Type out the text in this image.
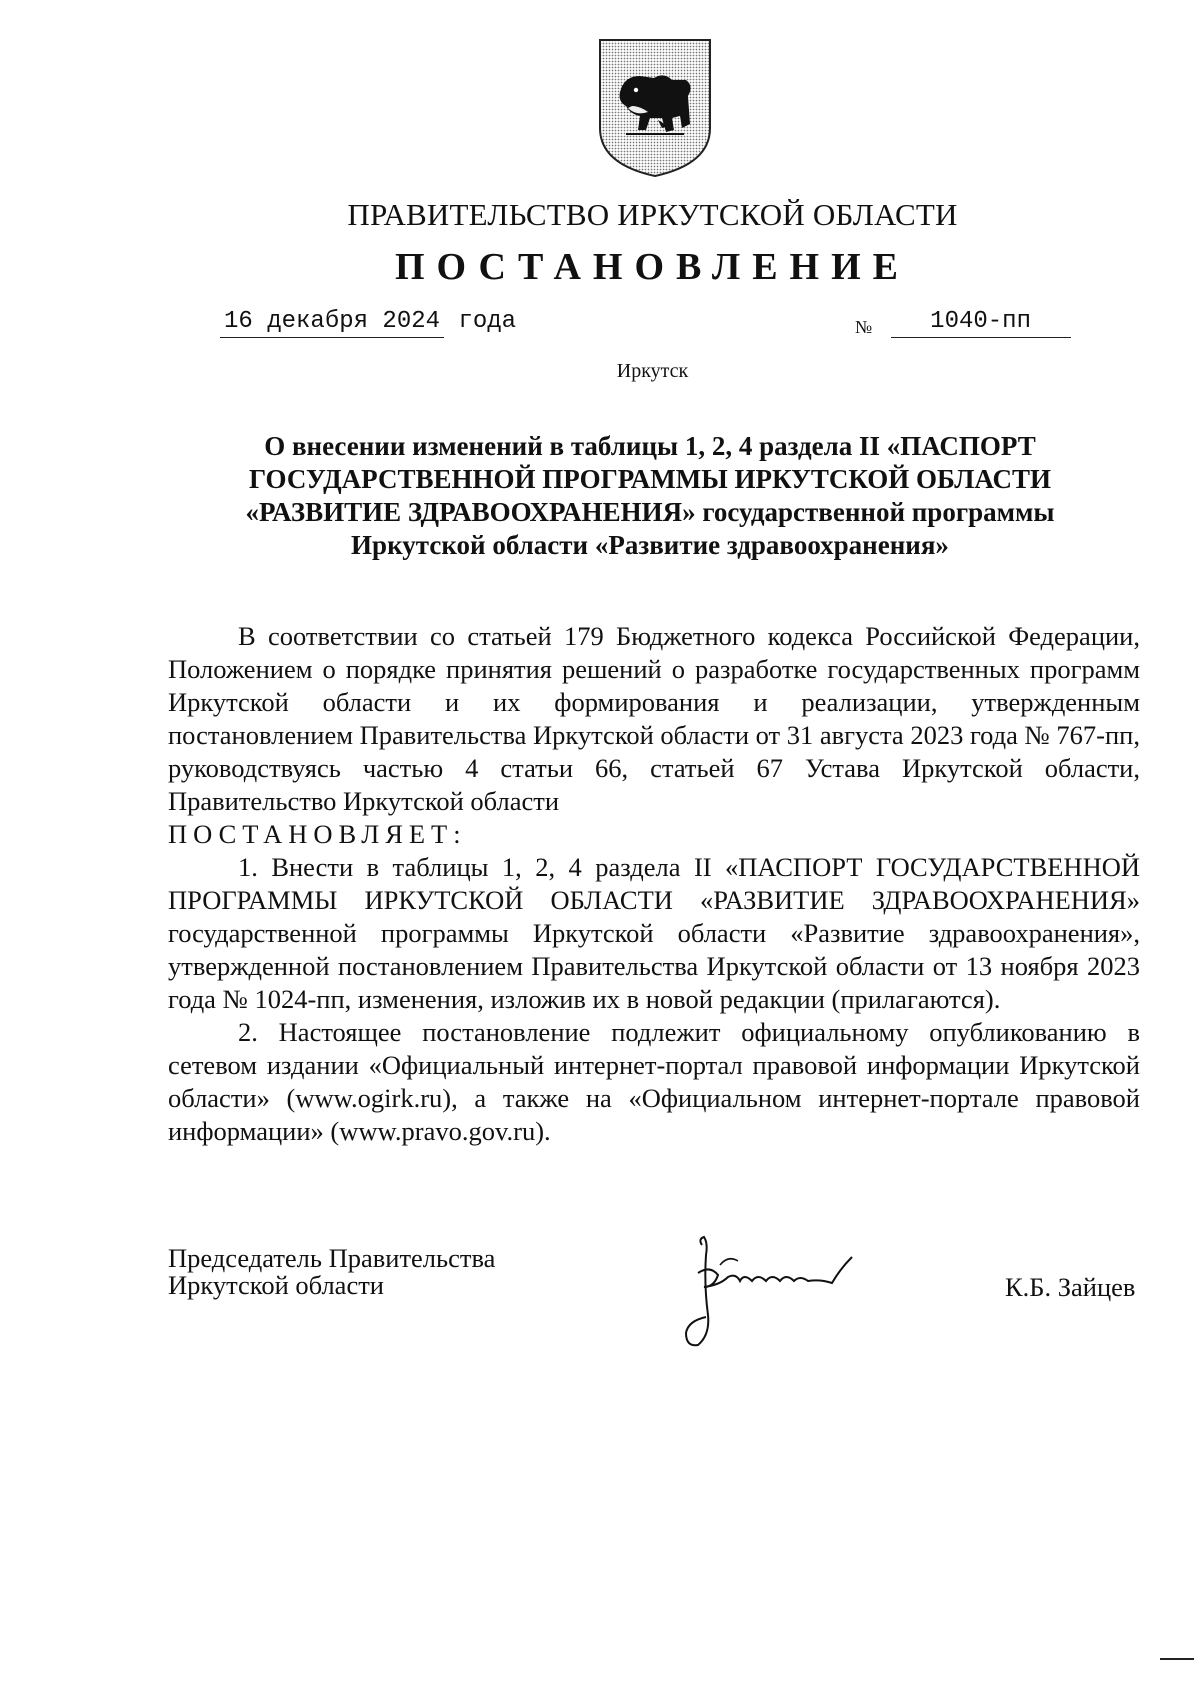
ПРАВИТЕЛЬСТВО ИРКУТСКОЙ ОБЛАСТИ
ПОСТАНОВЛЕНИЕ
16 декабря 2024 года	$_№$ 1040-пп
Иркутск
О внесении изменений в таблицы 1, 2, 4 раздела II «ПАСПОРТ
ГОСУДАРСТВЕННОЙ ПРОГРАММЫ ИРКУТСКОЙ ОБЛАСТИ
«РАЗВИТИЕ ЗДРАВООХРАНЕНИЯ» государственной программы
Иркутской области «Развитие здравоохранения»

В соответствии со статьей 179 Бюджетного кодекса Российской Федерации, Положением о порядке принятия решений о разработке государственных программ Иркутской области и их формирования и реализации, утвержденным постановлением Правительства Иркутской области от 31 августа 2023 года № 767-пп, руководствуясь частью 4 статьи 66, статьей 67 Устава Иркутской области, Правительство Иркутской области

ПОСТАНОВЛЯЕТ:

1. Внести в таблицы 1, 2, 4 раздела II «ПАСПОРТ ГОСУДАРСТВЕННОЙ ПРОГРАММЫ ИРКУТСКОЙ ОБЛАСТИ «РАЗВИТИЕ ЗДРАВООХРАНЕНИЯ» государственной программы Иркутской области «Развитие здравоохранения», утвержденной постановлением Правительства Иркутской области от 13 ноября 2023 года № 1024-пп, изменения, изложив их в новой редакции (прилагаются).

2. Настоящее постановление подлежит официальному опубликованию в сетевом издании «Официальный интернет-портал правовой информации Иркутской области» (www.ogirk.ru), а также на «Официальном интернет-портале правовой информации» (www.pravo.gov.ru).

Председатель Правительства
Иркутской области	К.Б. Зайцев
